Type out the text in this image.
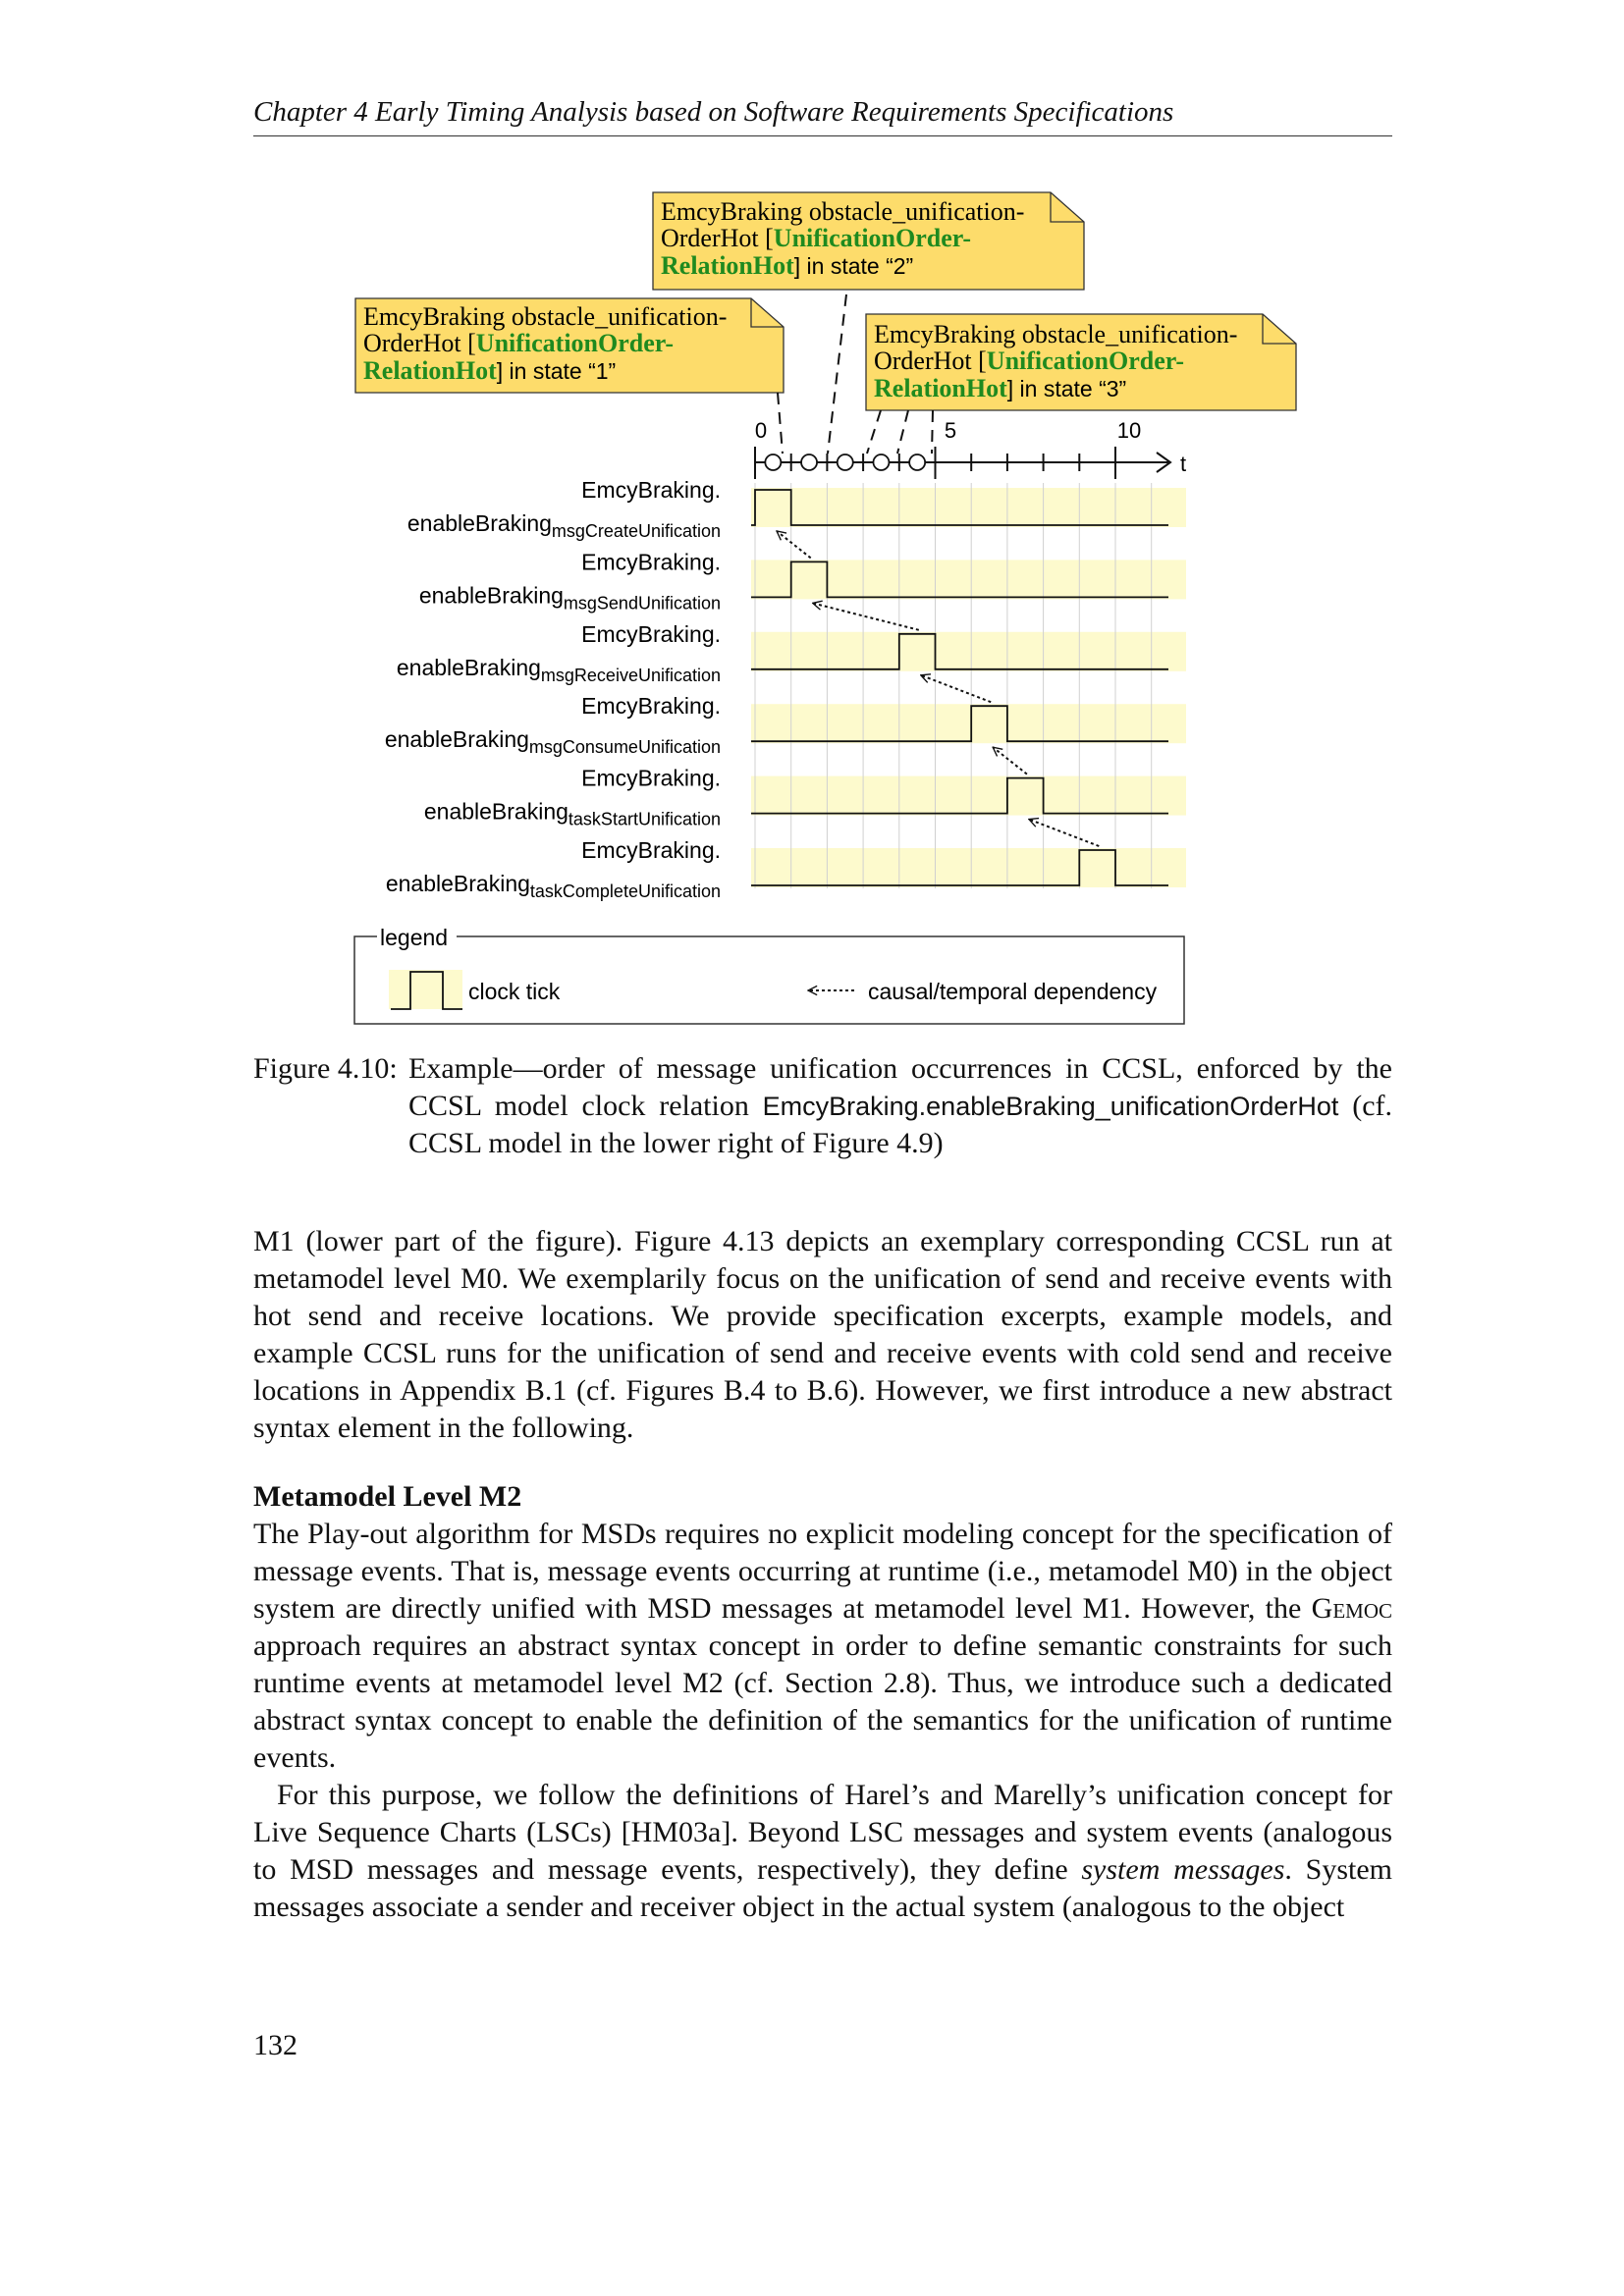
Chapter 4 Early Timing Analysis based on Software Requirements Specifications
EmcyBraking obstacle_unification-
OrderHot [UnificationOrder-
RelationHot] in state “1”
EmcyBraking obstacle_unification-
OrderHot [UnificationOrder-
RelationHot] in state “2”
EmcyBraking obstacle_unification-
OrderHot [UnificationOrder-
RelationHot] in state “3”
0	5	10
t
EmcyBraking.
enableBraking$_{msgCreateUnification}$
EmcyBraking.
enableBraking$_{msgSendUnification}$
EmcyBraking.
enableBraking$_{msgReceiveUnification}$
EmcyBraking.
enableBraking$_{msgConsumeUnification}$
EmcyBraking.
enableBraking$_{taskStartUnification}$
EmcyBraking.
enableBraking$_{taskCompleteUnification}$
legend
clock tick	causal/temporal dependency
Figure 4.10: Example—order of message unification occurrences in CCSL, enforced by the CCSL model clock relation EmcyBraking.enableBraking_unificationOrderHot (cf. CCSL model in the lower right of Figure 4.9)

M1 (lower part of the figure). Figure 4.13 depicts an exemplary corresponding CCSL run at metamodel level M0. We exemplarily focus on the unification of send and receive events with hot send and receive locations. We provide specification excerpts, example models, and example CCSL runs for the unification of send and receive events with cold send and receive locations in Appendix B.1 (cf. Figures B.4 to B.6). However, we first introduce a new abstract syntax element in the following.

Metamodel Level M2

The Play-out algorithm for MSDs requires no explicit modeling concept for the specification of message events. That is, message events occurring at runtime (i.e., metamodel M0) in the object system are directly unified with MSD messages at metamodel level M1. However, the Gemoc approach requires an abstract syntax concept in order to define semantic constraints for such runtime events at metamodel level M2 (cf. Section 2.8). Thus, we introduce such a dedicated abstract syntax concept to enable the definition of the semantics for the unification of runtime events.

For this purpose, we follow the definitions of Harel’s and Marelly’s unification concept for Live Sequence Charts (LSCs) [HM03a]. Beyond LSC messages and system events (analogous to MSD messages and message events, respectively), they define system messages. System messages associate a sender and receiver object in the actual system (analogous to the object

132
